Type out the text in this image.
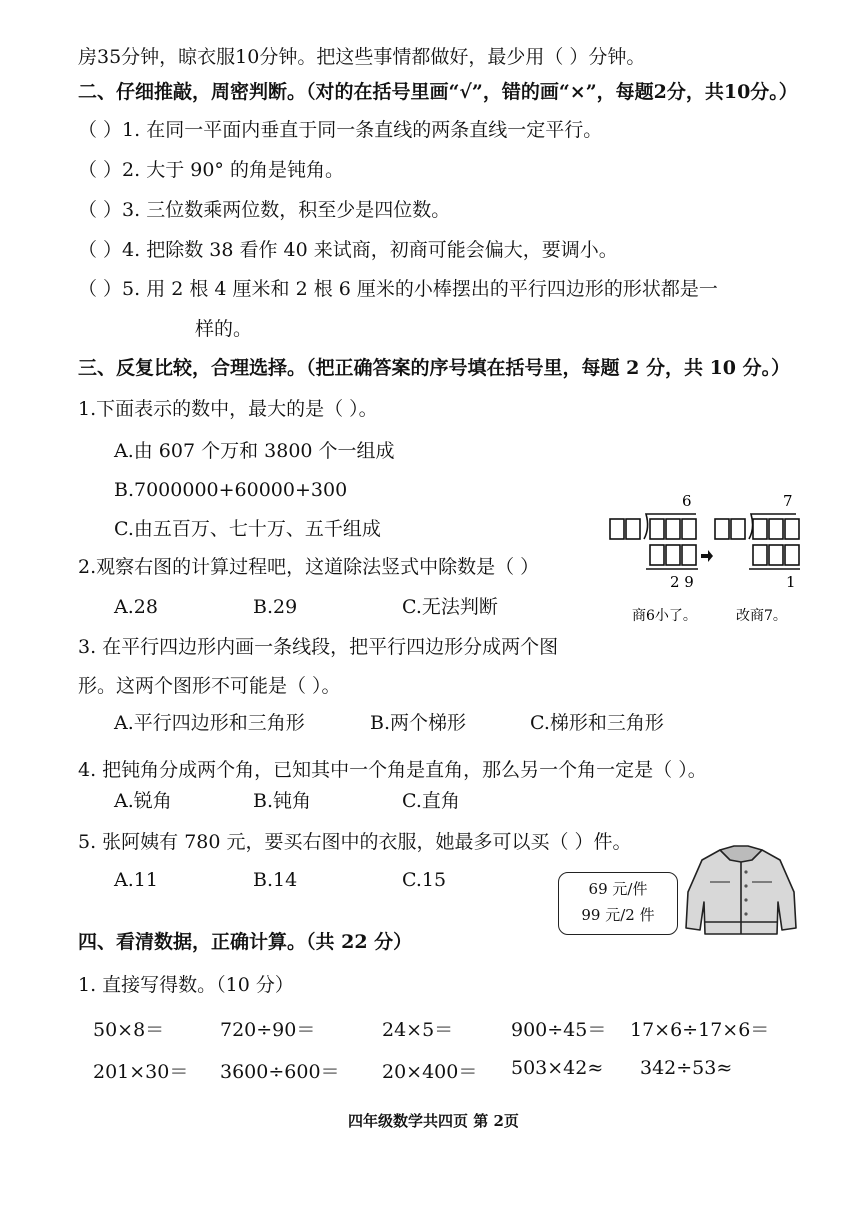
房35分钟，晾衣服10分钟。把这些事情都做好，最少用（ ）分钟。
二、仔细推敲，周密判断。（对的在括号里画“√”，错的画“×”，每题2分，共10分。）
（ ）1. 在同一平面内垂直于同一条直线的两条直线一定平行。
（ ）2. 大于 90° 的角是钝角。
（ ）3. 三位数乘两位数，积至少是四位数。
（ ）4. 把除数 38 看作 40 来试商，初商可能会偏大，要调小。
（ ）5. 用 2 根 4 厘米和 2 根 6 厘米的小棒摆出的平行四边形的形状都是一
样的。
三、反复比较，合理选择。（把正确答案的序号填在括号里，每题 2 分，共 10 分。）
1.下面表示的数中，最大的是（ ）。
A.由 607 个万和 3800 个一组成
B.7000000+60000+300
C.由五百万、七十万、五千组成
2.观察右图的计算过程吧，这道除法竖式中除数是（ ）
A.28	B.29	C.无法判断
6	7
2 9	1
商6小了。	改商7。
3. 在平行四边形内画一条线段，把平行四边形分成两个图
形。这两个图形不可能是（ ）。
A.平行四边形和三角形	B.两个梯形	C.梯形和三角形
4. 把钝角分成两个角，已知其中一个角是直角，那么另一个角一定是（ ）。
A.锐角	B.钝角	C.直角
5. 张阿姨有 780 元，要买右图中的衣服，她最多可以买（ ）件。
A.11	B.14	C.15	69 元/件
99 元/2 件
四、看清数据，正确计算。（共 22 分）
1. 直接写得数。（10 分）
50×8＝	720÷90＝	24×5＝	900÷45＝ 17×6÷17×6＝
201×30＝ 3600÷600＝ 20×400＝ 503×42≈ 342÷53≈
四年级数学共四页 第 2页
